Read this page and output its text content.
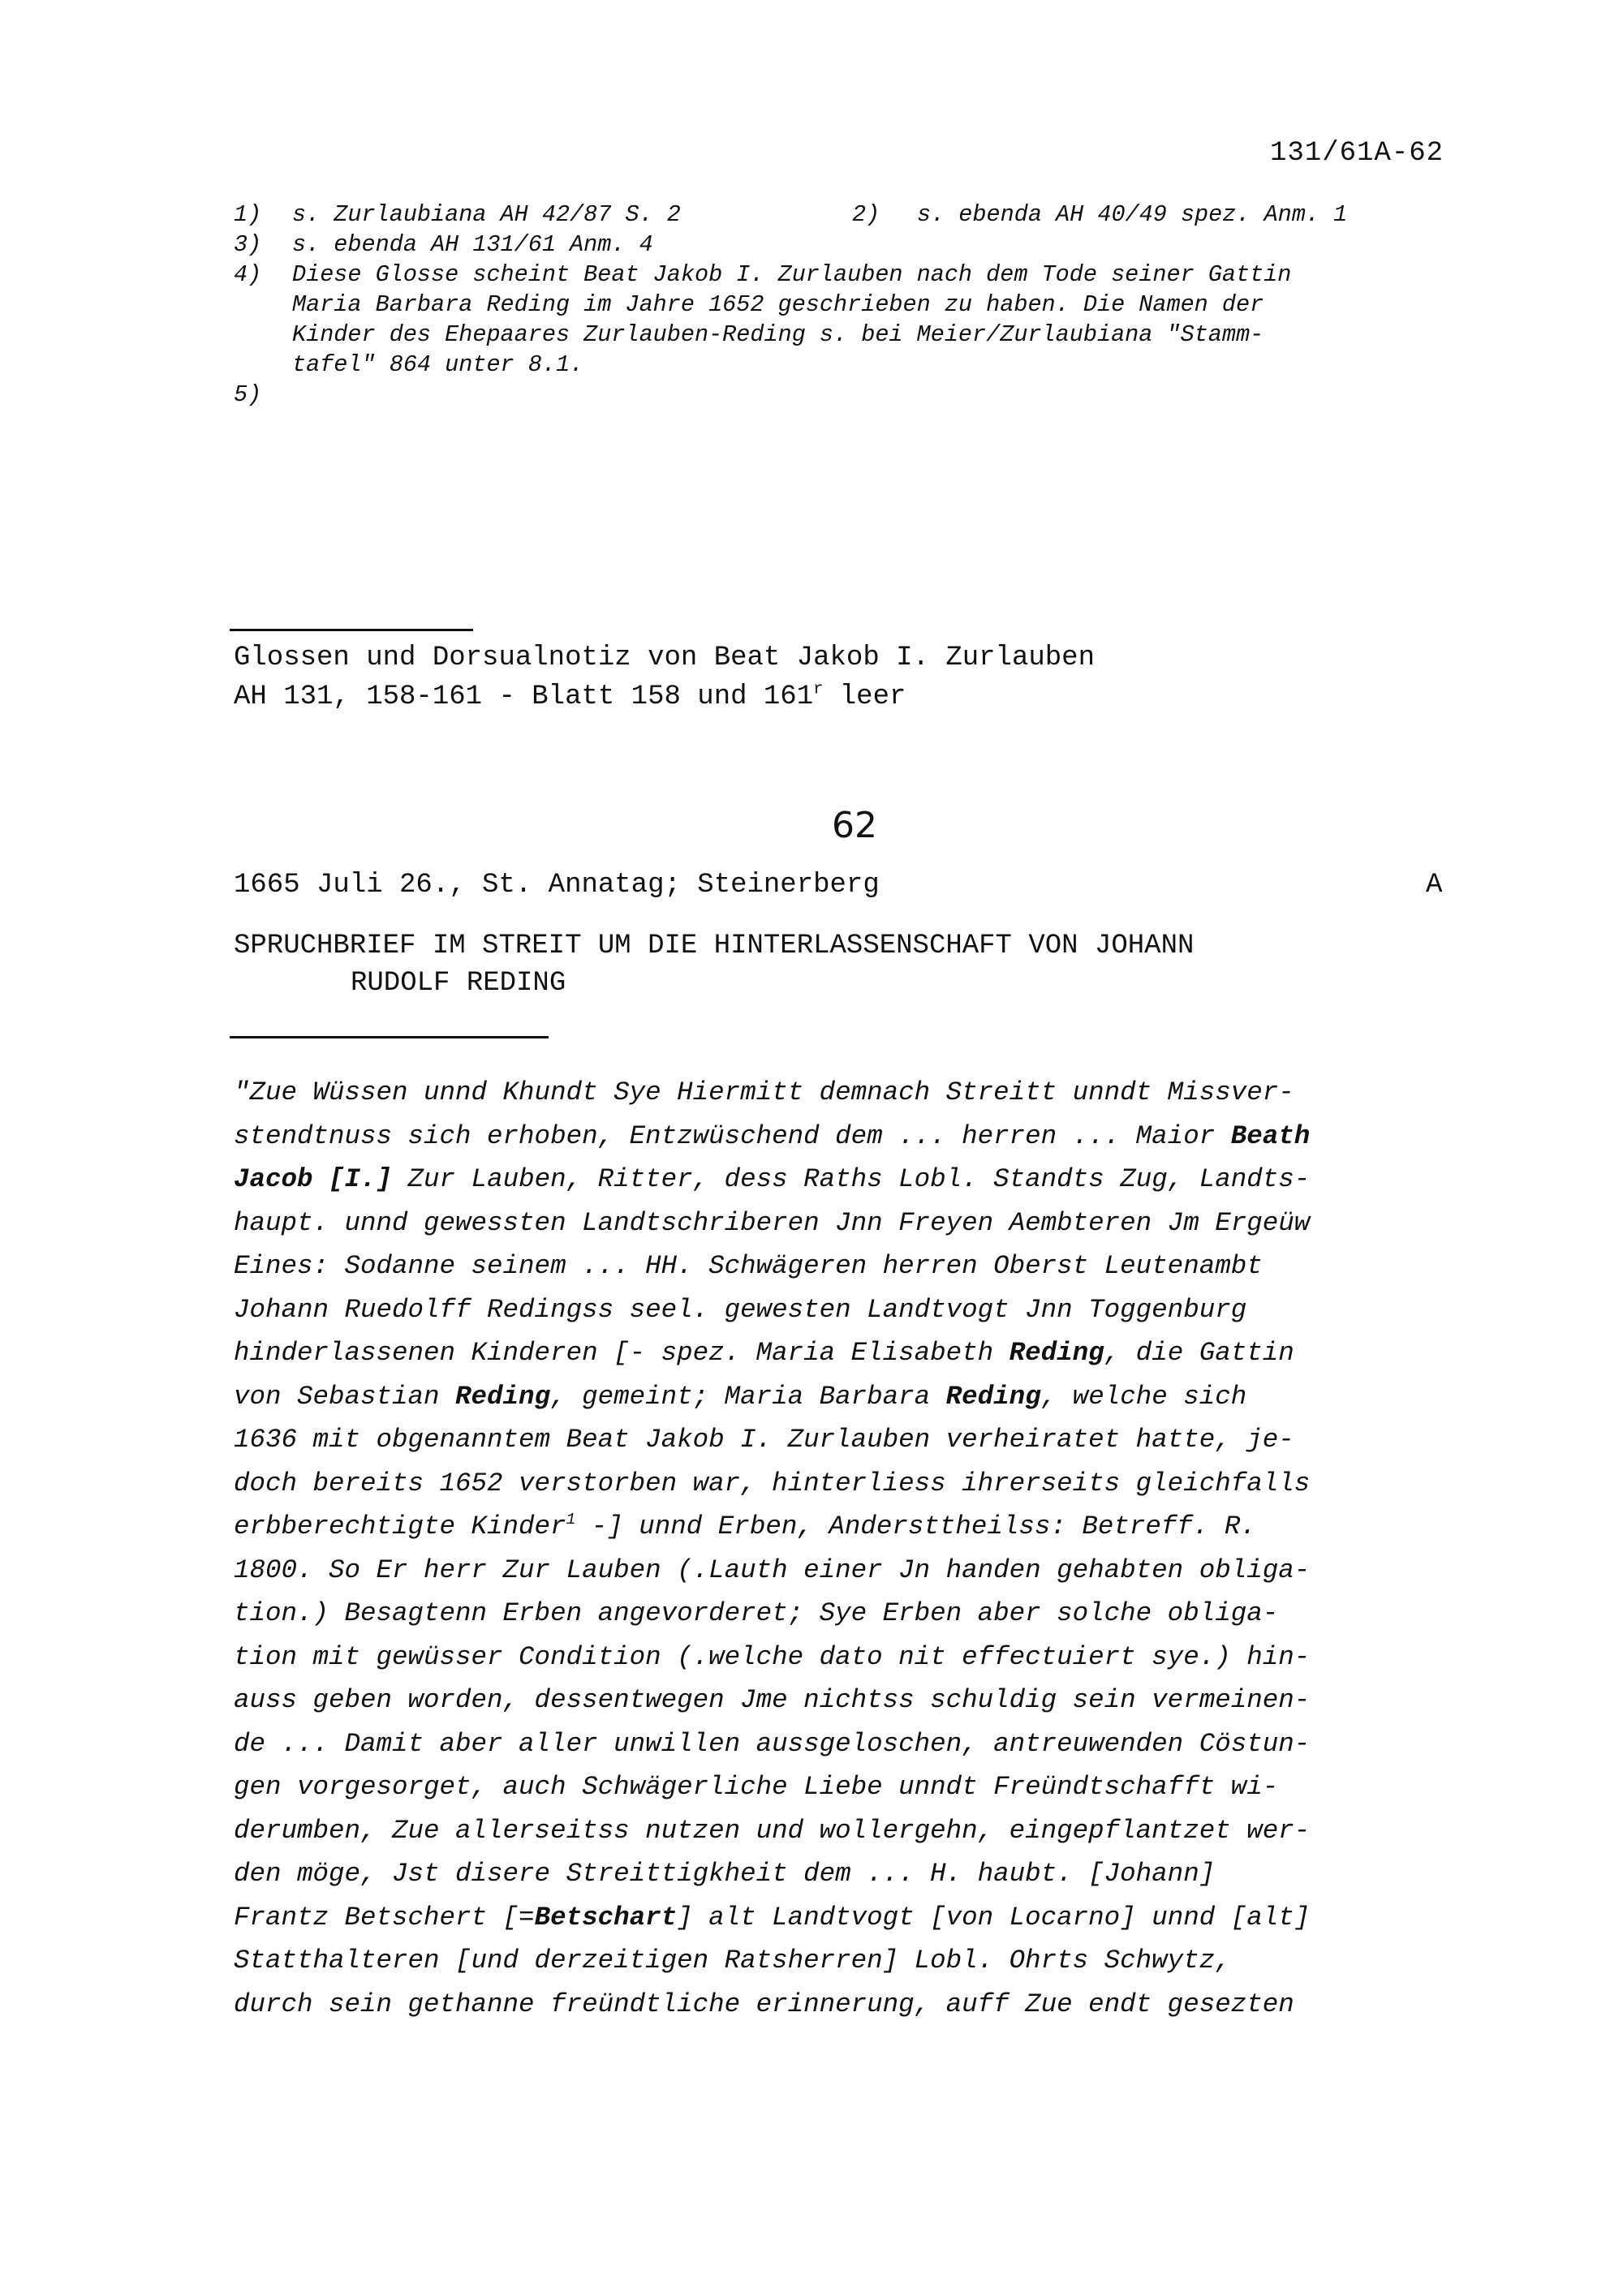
131/61A-62
1) s. Zurlaubiana AH 42/87 S. 2	2) s. ebenda AH 40/49 spez. Anm. 1
3) s. ebenda AH 131/61 Anm. 4
4) Diese Glosse scheint Beat Jakob I. Zurlauben nach dem Tode seiner Gattin
Maria Barbara Reding im Jahre 1652 geschrieben zu haben. Die Namen der
Kinder des Ehepaares Zurlauben-Reding s. bei Meier/Zurlaubiana "Stamm-
tafel" 864 unter 8.1.
5)
Glossen und Dorsualnotiz von Beat Jakob I. Zurlauben
AH 131, 158-161 - Blatt 158 und 161$^r$ leer
62
1665 Juli 26., St. Annatag; Steinerberg	A
SPRUCHBRIEF IM STREIT UM DIE HINTERLASSENSCHAFT VON JOHANN
RUDOLF REDING
"Zue Wüssen unnd Khundt Sye Hiermitt demnach Streitt unndt Missver-
stendtnuss sich erhoben, Entzwüschend dem ... herren ... Maior Beath
Jacob [I.] Zur Lauben, Ritter, dess Raths Lobl. Standts Zug, Landts-
haupt. unnd gewessten Landtschriberen Jnn Freyen Aembteren Jm Ergeüw
Eines: Sodanne seinem ... HH. Schwägeren herren Oberst Leutenambt
Johann Ruedolff Redingss seel. gewesten Landtvogt Jnn Toggenburg
hinderlassenen Kinderen [- spez. Maria Elisabeth Reding, die Gattin
von Sebastian Reding, gemeint; Maria Barbara Reding, welche sich
1636 mit obgenanntem Beat Jakob I. Zurlauben verheiratet hatte, je-
doch bereits 1652 verstorben war, hinterliess ihrerseits gleichfalls
erbberechtigte Kinder$^1$ -] unnd Erben, Andersttheilss: Betreff. R.
1800. So Er herr Zur Lauben (.Lauth einer Jn handen gehabten obliga-
tion.) Besagtenn Erben angevorderet; Sye Erben aber solche obliga-
tion mit gewüsser Condition (.welche dato nit effectuiert sye.) hin-
auss geben worden, dessentwegen Jme nichtss schuldig sein vermeinen-
de ... Damit aber aller unwillen aussgeloschen, antreuwenden Cöstun-
gen vorgesorget, auch Schwägerliche Liebe unndt Freündtschafft wi-
derumben, Zue allerseitss nutzen und wollergehn, eingepflantzet wer-
den möge, Jst disere Streittigkheit dem ... H. haubt. [Johann]
Frantz Betschert [=Betschart] alt Landtvogt [von Locarno] unnd [alt]
Statthalteren [und derzeitigen Ratsherren] Lobl. Ohrts Schwytz,
durch sein gethanne freündtliche erinnerung, auff Zue endt gesezten
